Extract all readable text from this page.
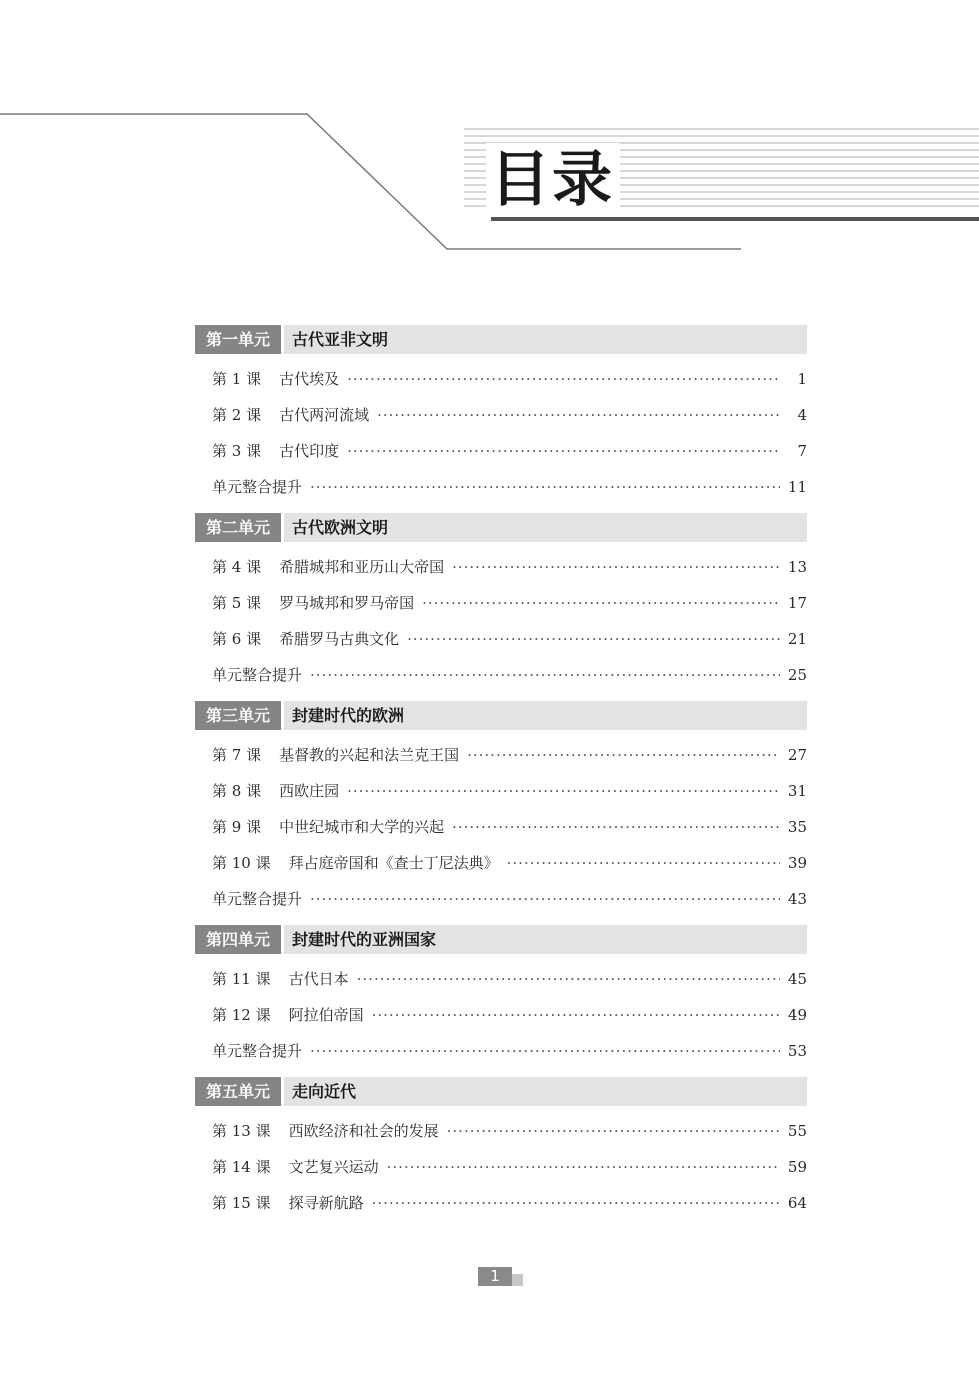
目录
第一单元	古代亚非文明
第 1 课	古代埃及 ·····	1
第 2 课	古代两河流域 ·····	4
第 3 课	古代印度 ·····	7
单元整合提升 ·····	11
第二单元	古代欧洲文明
第 4 课	希腊城邦和亚历山大帝国 ·····	13
第 5 课	罗马城邦和罗马帝国 ·····	17
第 6 课	希腊罗马古典文化 ·····	21
单元整合提升 ·····	25
第三单元	封建时代的欧洲
第 7 课	基督教的兴起和法兰克王国 ·····	27
第 8 课	西欧庄园 ·····	31
第 9 课	中世纪城市和大学的兴起 ·····	35
第 10 课	拜占庭帝国和《查士丁尼法典》 ·····	39
单元整合提升 ·····	43
第四单元	封建时代的亚洲国家
第 11 课	古代日本 ·····	45
第 12 课	阿拉伯帝国 ·····	49
单元整合提升 ·····	53
第五单元	走向近代
第 13 课	西欧经济和社会的发展 ·····	55
第 14 课	文艺复兴运动 ·····	59
第 15 课	探寻新航路 ·····	64
1
